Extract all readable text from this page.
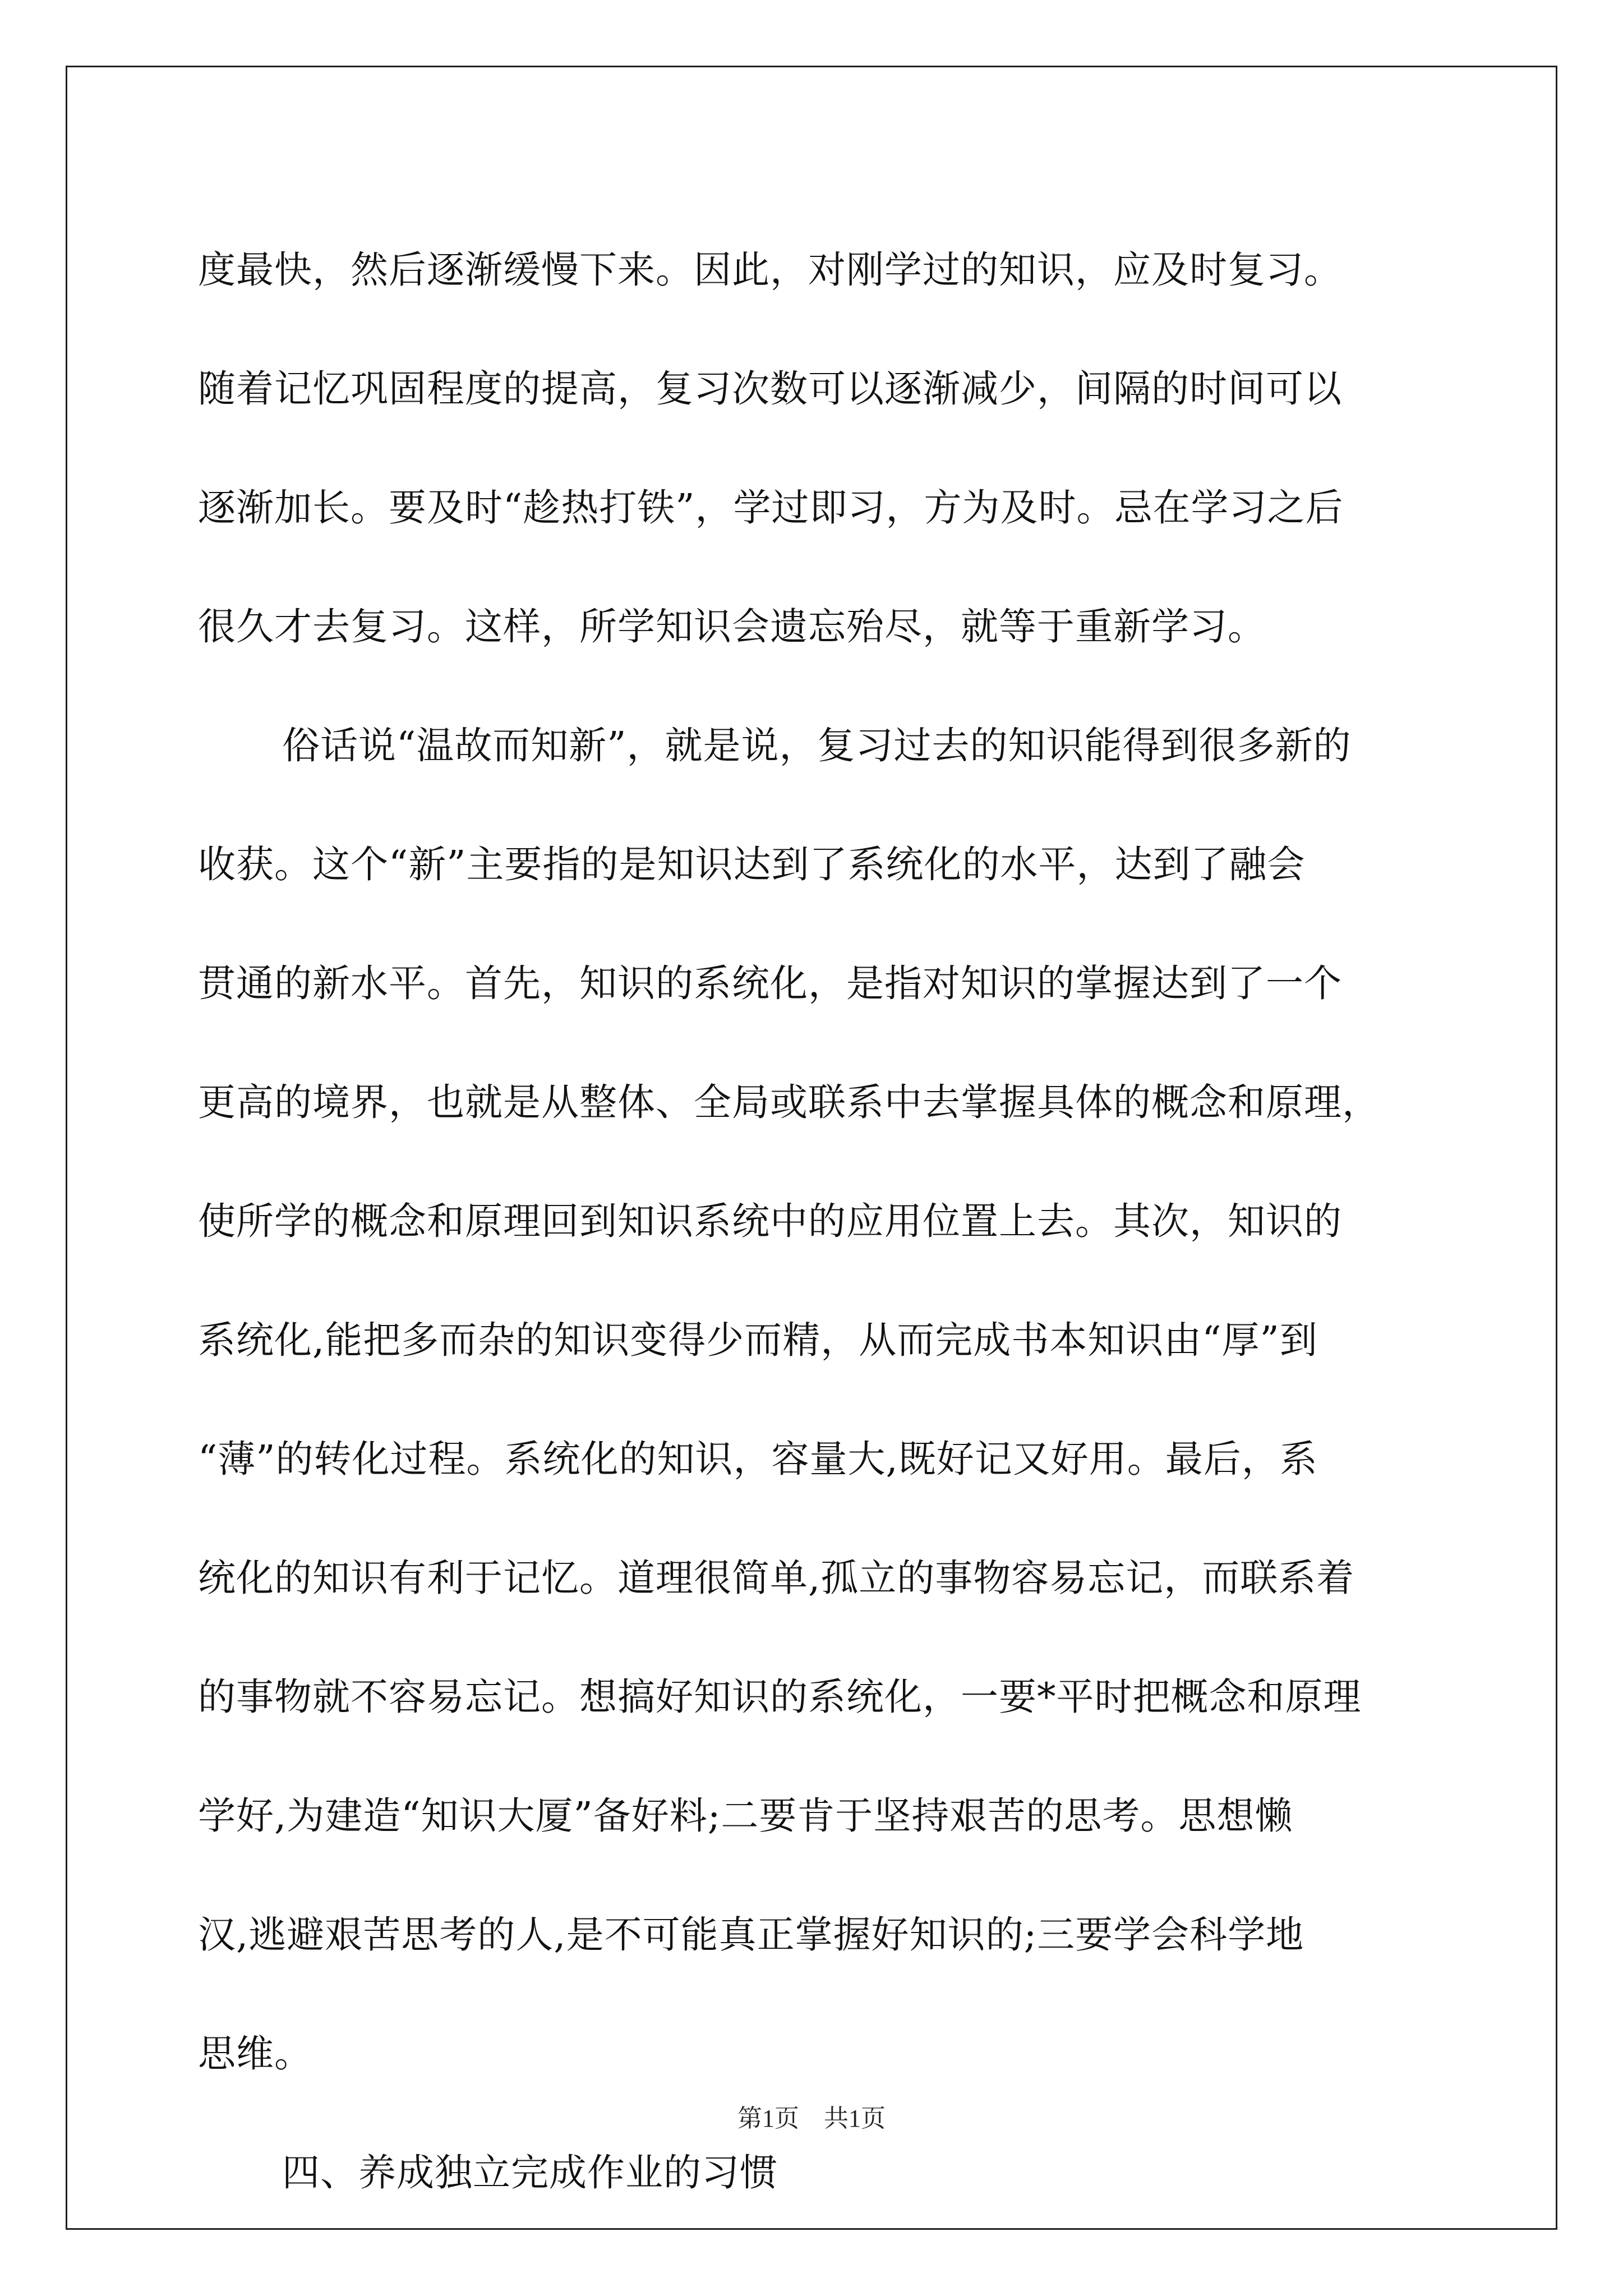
度最快，然后逐渐缓慢下来。因此，对刚学过的知识，应及时复习。
随着记忆巩固程度的提高，复习次数可以逐渐减少，间隔的时间可以
逐渐加长。要及时“趁热打铁”，学过即习，方为及时。忌在学习之后
很久才去复习。这样，所学知识会遗忘殆尽，就等于重新学习。
俗话说“温故而知新”，就是说，复习过去的知识能得到很多新的
收获。这个“新”主要指的是知识达到了系统化的水平，达到了融会
贯通的新水平。首先，知识的系统化，是指对知识的掌握达到了一个
更高的境界，也就是从整体、全局或联系中去掌握具体的概念和原理，
使所学的概念和原理回到知识系统中的应用位置上去。其次，知识的
系统化,能把多而杂的知识变得少而精，从而完成书本知识由“厚”到
“薄”的转化过程。系统化的知识，容量大,既好记又好用。最后，系
统化的知识有利于记忆。道理很简单,孤立的事物容易忘记，而联系着
的事物就不容易忘记。想搞好知识的系统化，一要*平时把概念和原理
学好,为建造“知识大厦”备好料;二要肯于坚持艰苦的思考。思想懒
汉,逃避艰苦思考的人,是不可能真正掌握好知识的;三要学会科学地
思维。
四、养成独立完成作业的习惯
第1页　共1页
